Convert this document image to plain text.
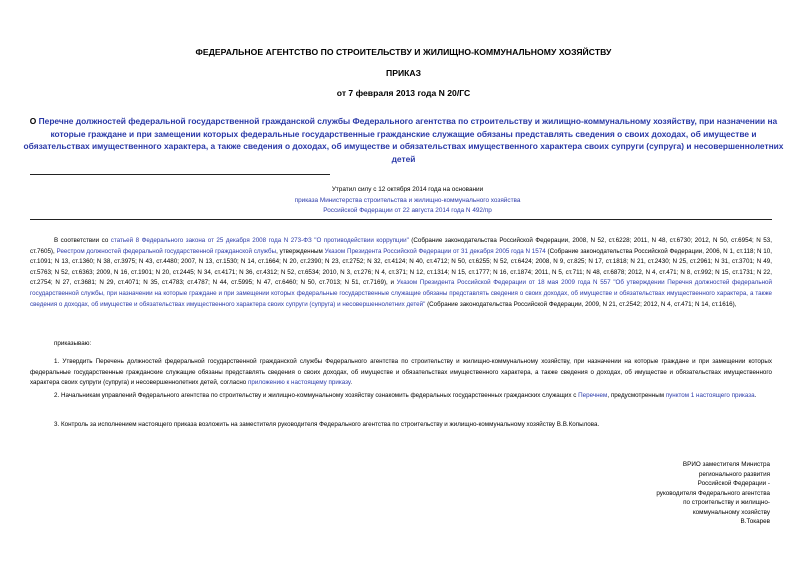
ФЕДЕРАЛЬНОЕ АГЕНТСТВО ПО СТРОИТЕЛЬСТВУ И ЖИЛИЩНО-КОММУНАЛЬНОМУ ХОЗЯЙСТВУ
ПРИКАЗ
от 7 февраля 2013 года N 20/ГС
О Перечне должностей федеральной государственной гражданской службы Федерального агентства по строительству и жилищно-коммунальному хозяйству, при назначении на которые граждане и при замещении которых федеральные государственные гражданские служащие обязаны представлять сведения о своих доходах, об имуществе и обязательствах имущественного характера, а также сведения о доходах, об имуществе и обязательствах имущественного характера своих супруги (супруга) и несовершеннолетних детей
Утратил силу с 12 октября 2014 года на основании
приказа Министерства строительства и жилищно-коммунального хозяйства Российской Федерации от 22 августа 2014 года N 492/пр
В соответствии со статьей 8 Федерального закона от 25 декабря 2008 года N 273-ФЗ "О противодействии коррупции" (Собрание законодательства Российской Федерации, 2008, N 52, ст.6228; 2011, N 48, ст.6730; 2012, N 50, ст.6954; N 53, ст.7605), Реестром должностей федеральной государственной гражданской службы, утвержденным Указом Президента Российской Федерации от 31 декабря 2005 года N 1574 (Собрание законодательства Российской Федерации, 2006, N 1, ст.118; N 10, ст.1091; N 13, ст.1360; N 38, ст.3975; N 43, ст.4480; 2007, N 13, ст.1530; N 14, ст.1664; N 20, ст.2390; N 23, ст.2752; N 32, ст.4124; N 40, ст.4712; N 50, ст.6255; N 52, ст.6424; 2008, N 9, ст.825; N 17, ст.1818; N 21, ст.2430; N 25, ст.2961; N 31, ст.3701; N 49, ст.5763; N 52, ст.6363; 2009, N 16, ст.1901; N 20, ст.2445; N 34, ст.4171; N 36, ст.4312; N 52, ст.6534; 2010, N 3, ст.276; N 4, ст.371; N 12, ст.1314; N 15, ст.1777; N 16, ст.1874; 2011, N 5, ст.711; N 48, ст.6878; 2012, N 4, ст.471; N 8, ст.992; N 15, ст.1731; N 22, ст.2754; N 27, ст.3681; N 29, ст.4071; N 35, ст.4783; ст.4787; N 44, ст.5995; N 47, ст.6460; N 50, ст.7013; N 51, ст.7169), и Указом Президента Российской Федерации от 18 мая 2009 года N 557 "Об утверждении Перечня должностей федеральной государственной службы, при назначении на которые граждане и при замещении которых федеральные государственные служащие обязаны представлять сведения о своих доходах, об имуществе и обязательствах имущественного характера, а также сведения о доходах, об имуществе и обязательствах имущественного характера своих супруги (супруга) и несовершеннолетних детей" (Собрание законодательства Российской Федерации, 2009, N 21, ст.2542; 2012, N 4, ст.471; N 14, ст.1616),
приказываю:
1. Утвердить Перечень должностей федеральной государственной гражданской службы Федерального агентства по строительству и жилищно-коммунальному хозяйству, при назначении на которые граждане и при замещении которых федеральные государственные гражданские служащие обязаны представлять сведения о своих доходах, об имуществе и обязательствах имущественного характера, а также сведения о доходах, об имуществе и обязательствах имущественного характера своих супруги (супруга) и несовершеннолетних детей, согласно приложению к настоящему приказу.
2. Начальникам управлений Федерального агентства по строительству и жилищно-коммунальному хозяйству ознакомить федеральных государственных гражданских служащих с Перечнем, предусмотренным пунктом 1 настоящего приказа.
3. Контроль за исполнением настоящего приказа возложить на заместителя руководителя Федерального агентства по строительству и жилищно-коммунальному хозяйству В.В.Копылова.
ВРИО заместителя Министра
регионального развития
Российской Федерации -
руководителя Федерального агентства
по строительству и жилищно-
коммунальному хозяйству
В.Токарев
